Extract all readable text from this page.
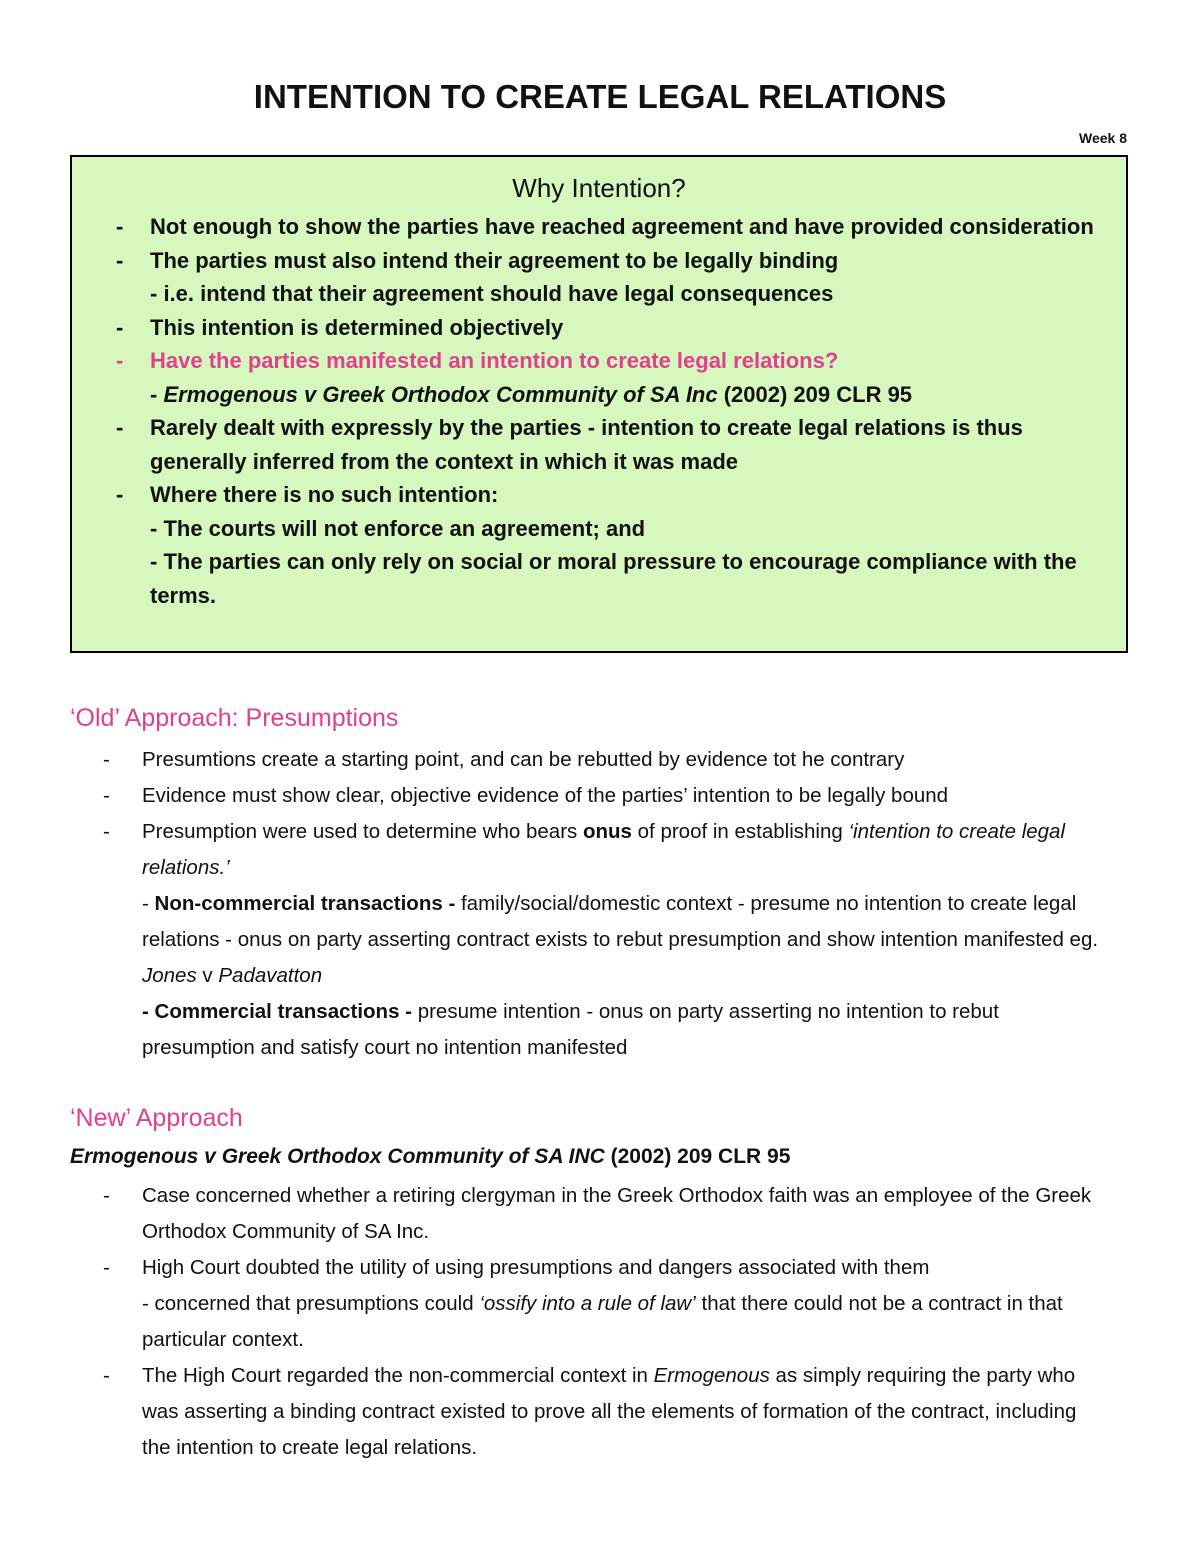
INTENTION TO CREATE LEGAL RELATIONS
Week 8
Why Intention?
- Not enough to show the parties have reached agreement and have provided consideration
- The parties must also intend their agreement to be legally binding
- i.e. intend that their agreement should have legal consequences
- This intention is determined objectively
- Have the parties manifested an intention to create legal relations?
- Ermogenous v Greek Orthodox Community of SA Inc (2002) 209 CLR 95
- Rarely dealt with expressly by the parties - intention to create legal relations is thus generally inferred from the context in which it was made
- Where there is no such intention:
- The courts will not enforce an agreement; and
- The parties can only rely on social or moral pressure to encourage compliance with the terms.
‘Old’ Approach: Presumptions
- Presumtions create a starting point, and can be rebutted by evidence tot he contrary
- Evidence must show clear, objective evidence of the parties’ intention to be legally bound
- Presumption were used to determine who bears onus of proof in establishing ‘intention to create legal relations.’
- Non-commercial transactions - family/social/domestic context - presume no intention to create legal relations - onus on party asserting contract exists to rebut presumption and show intention manifested eg. Jones v Padavatton
- Commercial transactions - presume intention - onus on party asserting no intention to rebut presumption and satisfy court no intention manifested
‘New’ Approach
Ermogenous v Greek Orthodox Community of SA INC (2002) 209 CLR 95
- Case concerned whether a retiring clergyman in the Greek Orthodox faith was an employee of the Greek Orthodox Community of SA Inc.
- High Court doubted the utility of using presumptions and dangers associated with them
- concerned that presumptions could ‘ossify into a rule of law’ that there could not be a contract in that particular context.
- The High Court regarded the non-commercial context in Ermogenous as simply requiring the party who was asserting a binding contract existed to prove all the elements of formation of the contract, including the intention to create legal relations.
